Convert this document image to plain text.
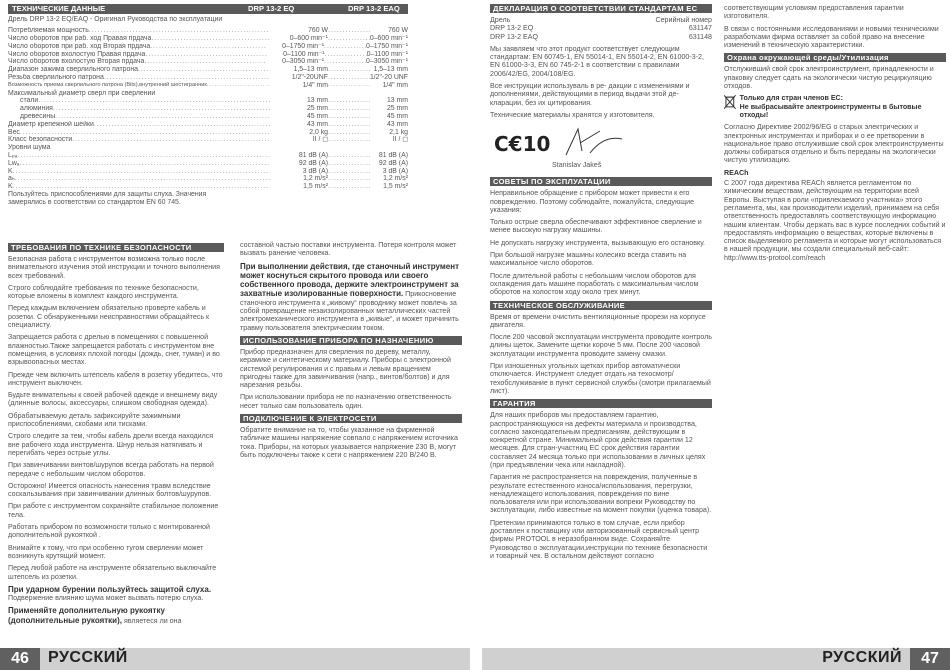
ТЕХНИЧЕСКИЕ ДАННЫЕ	DRP 13-2 EQ	DRP 13-2 EAQ
Дрель DRP 13-2 EQ/EAQ - Оригинал Руководства по эксплуатации
Потребляемая мощность .....	760 W .....	760 W
Число оборотов при раб. ход Правая прдача .....	0–600 min⁻¹ .....	0–600 min⁻¹
Число оборотов при раб. ход Вторая прдача .....	0–1750 min⁻¹ .....	0–1750 min⁻¹
Число оборотов вхолостую Правая прдача .....	0–1100 min⁻¹ .....	0–1100 min⁻¹
Число оборотов вхолостую Вторая прдача .....	0–3050 min⁻¹ .....	0–3050 min⁻¹
Диапазон зажима сверлильного патрона .....	1,5–13 mm .....	1,5–13 mm
Резьба сверлильного патрона .....	1/2"-20UNF .....	1/2"-20 UNF
Возможность приема сверлильного патрона (Bits),внутренний шестигранник .....	1/4" mm .....	1/4" mm
Максимальный диаметр сверл при сверлении
стали .....	13 mm .....	13 mm
алюминия .....	25 mm .....	25 mm
древесины .....	45 mm .....	45 mm
Диаметр крепежной шейки .....	43 mm .....	43 mm
Вес .....	2,0 kg .....	2,1 kg
Класс безопасности .....	II / ◻ .....	II / ◻
Уровни шума
Lₚₐ .....	81 dB (A) .....	81 dB (A)
Lwₐ .....	92 dB (A) .....	92 dB (A)
K .....	3 dB (A) .....	3 dB (A)
aₕ .....	1,2 m/s² .....	1,2 m/s²
K .....	1,5 m/s² .....	1,5 m/s²

Пользуйтесь приспособлениями для защиты слуха. Значения замерялись в соответствии со стандартом EN 60 745.

ТРЕБОВАНИЯ ПО ТЕХНИКЕ БЕЗОПАСНОСТИ

Безопасная работа с инструментом возможна только после внимательного изучения этой инструкции и точного выполнения всех требований.

Строго соблюдайте требования по технике безопасности, которые вложены в комплект каждого инструмента.

Перед каждым включением обязательно проверте кабель и розетки. С обнаруженными неисправностями обращайтесь к специалисту.

Запрещается работа с дрелью в помещениях с повышенной влажностью.Также запрещается работать с инструментом вне помещения, в условиях плохой погоды (дождь, снег, туман) и во взрывоопасных местах.

Прежде чем включить штепсель кабеля в розетку убедитесь, что инструмент выключен.

Будьте внимательны к своей рабочей одежде и внешнему виду (длинные волосы, аксессуары, слишком свободная одежда).

Обрабатываемую деталь зафиксируйте зажимными приспособлениями, скобами или тисками.

Строго следите за тем, чтобы кабель дрели всегда находился вне рабочего хода инструмента. Шнур нельзя натягивать и перегибать через острые углы.

При завинчивании винтов/шурупов всегда работать на первой передаче с небольшим числом оборотов.

Осторожно! Имеется опасность нанесения травм вследствие соскальзывания при завинчивании длинных болтов/шурупов.

При работе с инструментом сохраняйте стабильное положение тела.

Работать прибором по возможности только с монтированной дополнительной рукояткой .

Внимайте к тому, что при особенно тугом сверлении может возникнуть крутящий момент.

Перед любой работе на инструменте обязательно выключайте штепсель из розетки.

При ударном бурении пользуйтесь защитой слуха. Подвержение влиянию шума может вызвать потерю слуха.

Применяйте дополнительную рукоятку (дополнительные рукоятки), являетеся ли она

составной частью поставки инструмента. Потеря контроля может вызвать ранение человека.

При выполнении действия, где станочный инструмент может коснуться скрытого провода или своего собственного провода, держите электроинструмент за захватные изолированные поверхности. Прикосновение станочного инструмента к „живому“ проводнику может повлечь за собой превращение незаизолированных металлических частей электромеханического инструмента в „живые“, и может причинить травму пользователя электрическим током.

ИСПОЛЬЗОВАНИЕ ПРИБОРА ПО НАЗНАЧЕНИЮ

Прибор предназначен для сверления по дереву, металлу, керамике и синтетическому материалу. Приборы с электронной системой регулирования и с правым и левым вращением пригодны также для завинчивания (напр., винтов/болтов) и для нарезания резьбы.

При использовании прибора не по назначению ответственность несет только сам пользователь один.

ПОДКЛЮЧЕНИЕ К ЭЛЕКТРОСЕТИ

Обратите внимание на то, чтобы указанное на фирменной табличке машины напряжение совпало с напряжением источника тока. Приборы, на которых указывается напряжение 230 В, могут быть подключены также к сети с напряжением 220 В/240 В.

46	РУССКИЙ
ДЕКЛАРАЦИЯ О СООТВЕТСТВИИ СТАНДАРТАМ ЕС
Дрель	Серийный номер
DRP 13-2 EQ	631147
DRP 13-2 EAQ	631148

Мы заявляем что этот продукт соответствует следующим стандартам: EN 60745-1, EN 55014-1, EN 55014-2, EN 61000-3-2, EN 61000-3-3, EN 60 745-2-1 в соответствии с правилами 2006/42/EG, 2004/108/EG.

Все инструкции используваль в ре- дакции с изменениями и дополнениями, действующими в период выдачи этой де- кларации, без их цитирования.

Технические материалы хранятся у изготовителя.

C€10
Stanislav Jakeš
СОВЕТЫ ПО ЭКСПЛУАТАЦИИ

Неправильное обращение с прибором может привести к его повреждению. Поэтому соблюдайте, пожалуйста, следующие указания:

Только острые сверла обеспечивают эффективное сверление и менее высокую нагрузку машины.

Не допускать нагрузку инструмента, вызывающую его остановку.

При большой нагрузке машины колесико всегда ставить на максимальное число оборотов.

После длительной работы с небольшим числом оборотов для охлаждения дать машине поработать с максимальным числом оборотов на холостом ходу около трех минут.

ТЕХНИЧЕСКОЕ ОБСЛУЖИВАНИЕ

Время от времени очистить вентиляционные прорези на корпусе двигателя.

После 200 часовой эксплуатации инструмента проводите контроль длины щеток. Замените щетки короче 5 мм. После 200 часовой эксплуатации инструмента проводите замену смазки.

При изношенных угольных щетках прибор автоматически отключается. Инструмент следует отдать на техосмотр/техобслуживание в пункт сервисной службы (смотри прилагаемый лист).

ГАРАНТИЯ

Для наших приборов мы предоставляем гарантию, распространяющуюся на дефекты материала и производства, согласно законодательным предписаниям, действующим в конкретной стране. Минимальный срок действия гарантии 12 месяцев. Для стран-участниц ЕС срок действия гарантии составляет 24 месяца только при использовании в личных целях (при предъявлении чека или накладной).

Гарантия не распространяется на повреждения, полученные в результате естественного износа/использования, перегрузки, ненадлежащего использования, повреждения по вине пользователя или при использовании вопреки Руководству по эксплуатации, либо известные на момент покупки (уценка товара).

Претензии принимаются только в том случае, если прибор доставлен к поставщику или авторизованный сервисный центр фирмы PROTOOL в неразобранном виде. Сохраняйте Руководство о эксплуатации,инструкции по технике безопасности и товарный чек. В остальном действуют согласно

соответствующим условиям предоставления гарантии изготовителя.

В связи с постоянными исследованиями и новыми техническими разработками фирма оставляет за собой право на внесение изменений в техническую характеристики.

Охрана окружающей среды/Утилизация

Отслуживший свой срок электроинструмент, принадлежности и упаковку следует сдать на экологически чистую рециркуляцию отходов.

Только для стран членов ЕС:
Не выбрасывайте электроинструменты в бытовые отходы!

Согласно Директиве 2002/96/EG о старых электрических и электронных инструментах и приборах и о ее претворении в национальное право отслужившие свой срок электроинструменты должны собираться отдельно и быть переданы на экологически чистую утилизацию.

REACh

С 2007 года директива REACh является регламентом по химическим веществам, действующим на территории всей Европы. Выступая в роли «привлекаемого участника» этого регламента, мы, как производители изделий, принимаем на себя ответственность предоставлять соответствующую информацию нашим клиентам. Чтобы держать вас в курсе последних событий и предоставлять информацию о веществах, которые включены в список выделяемого регламента и которые могут использоваться в нашей продукции, мы создали специальный веб-сайт: http://www.tts-protool.com/reach

РУССКИЙ	47
